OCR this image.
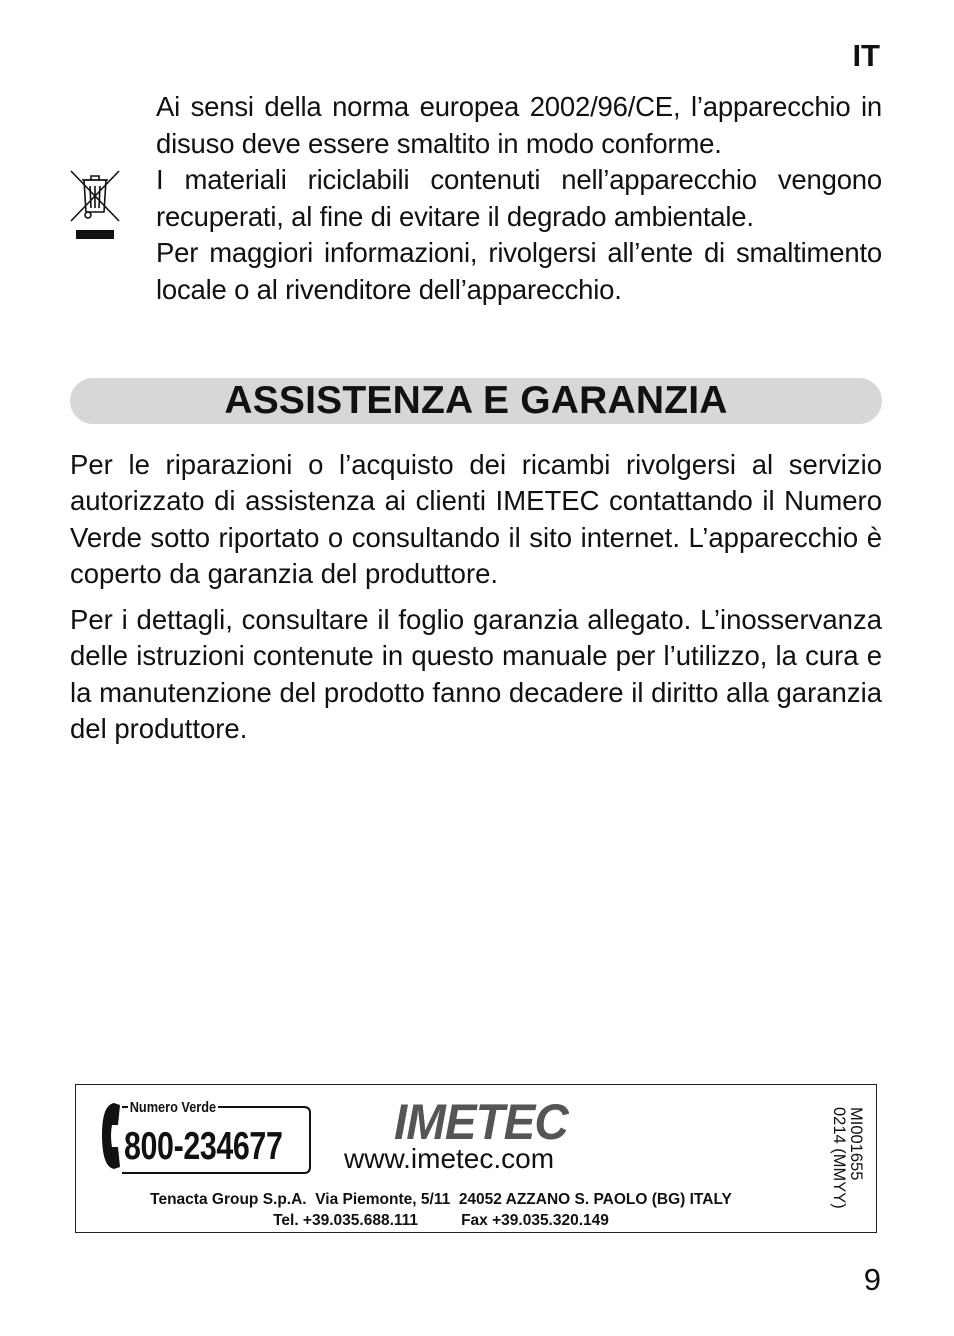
IT

Ai sensi della norma europea 2002/96/CE, l’apparecchio in disuso deve essere smaltito in modo conforme.

I materiali riciclabili contenuti nell’apparecchio vengono recuperati, al fine di evitare il degrado ambientale.

Per maggiori informazioni, rivolgersi all’ente di smaltimento locale o al rivenditore dell’apparecchio.

ASSISTENZA E GARANZIA

Per le riparazioni o l’acquisto dei ricambi rivolgersi al servizio autorizzato di assistenza ai clienti IMETEC contattando il Numero Verde sotto riportato o consultando il sito internet. L’apparecchio è coperto da garanzia del produttore.

Per i dettagli, consultare il foglio garanzia allegato. L’inosservanza delle istruzioni contenute in questo manuale per l’utilizzo, la cura e la manutenzione del prodotto fanno decadere il diritto alla garanzia del produttore.

Numero Verde
800-234677 IMETEC
www.imetec.com
Tenacta Group S.p.A.  Via Piemonte, 5/11  24052 AZZANO S. PAOLO (BG) ITALY
Tel. +39.035.688.111          Fax +39.035.320.149
MI001655
0214 (MMYY)
9
